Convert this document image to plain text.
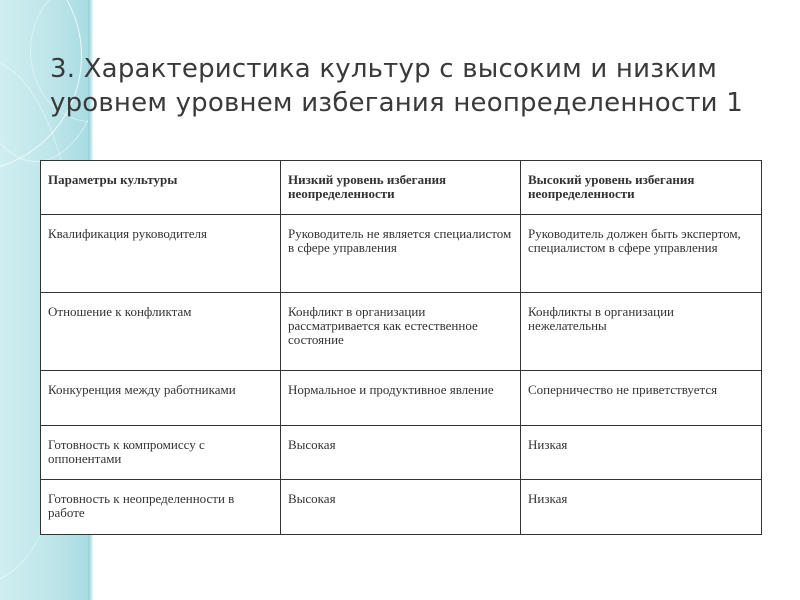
3. Характеристика культур с высоким и низким уровнем уровнем избегания неопределенности 1
Параметры культуры	Низкий уровень избегания неопределенности	Высокий уровень избегания неопределенности
Квалификация руководителя	Руководитель не является специалистом в сфере управления	Руководитель должен быть экспертом, специалистом в сфере управления
Отношение к конфликтам	Конфликт в организации рассматривается как естественное состояние	Конфликты в организации нежелательны
Конкуренция между работниками	Нормальное и продуктивное явление	Соперничество не приветствуется
Готовность к компромиссу с оппонентами	Высокая	Низкая
Готовность к неопределенности в работе	Высокая	Низкая
